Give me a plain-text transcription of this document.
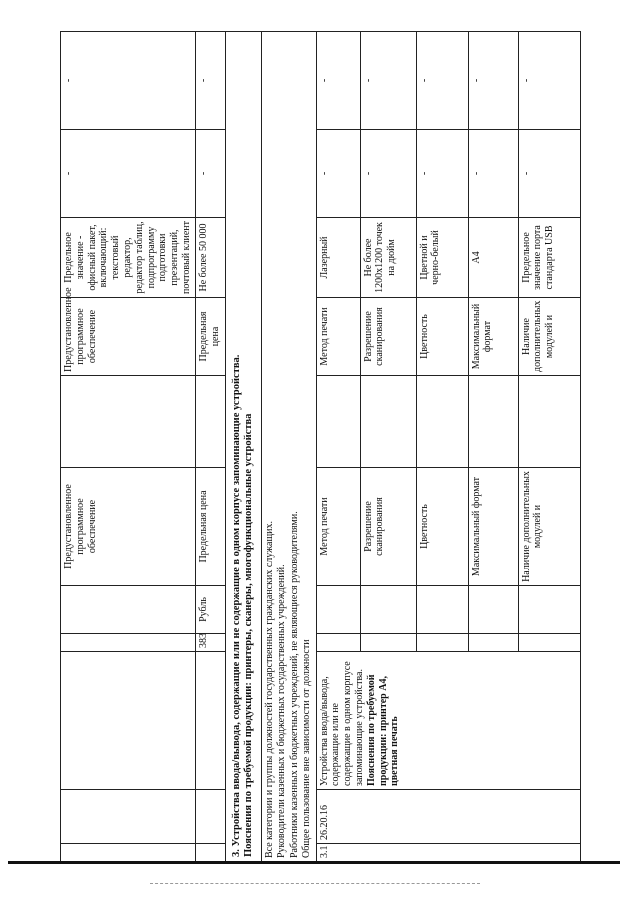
					Предустановленное программное обеспечение		Предустановленное программное обеспечение	Предельное значение - офисный пакет, включающий: текстовый редактор, редактор таблиц, подпрограмму подготовки презентаций, почтовый клиент	-	-
			383	Рубль	Предельная цена		Предельная цена	Не более 50 000	-	-

3. Устройства ввода/вывода, содержащие или не содержащие в одном корпусе запоминающие устройства. Пояснения по требуемой продукции: принтеры, сканеры, многофункциональные устройства										

Все категории и группы должностей государственных гражданских служащих. Руководители казенных и бюджетных государственных учреждений. Работники казенных и бюджетных учреждений, не являющиеся руководителями. Общее пользование вне зависимости от должности										

3.1	26.20.16	Устройства ввода/вывода, содержащие или не содержащие в одном корпусе запоминающие устройства. Пояснения по требуемой продукции: принтер А4, цветная печать			Метод печати		Метод печати	Лазерный	-	-
					Разрешение сканирования		Разрешение сканирования	Не более 1200х1200 точек на дюйм	-	-
					Цветность		Цветность	Цветной и черно-белый	-	-
					Максимальный формат		Максимальный формат	А4	-	-
					Наличие дополнительных модулей и		Наличие дополнительных модулей и	Предельное значение порта стандарта USB	-	-
